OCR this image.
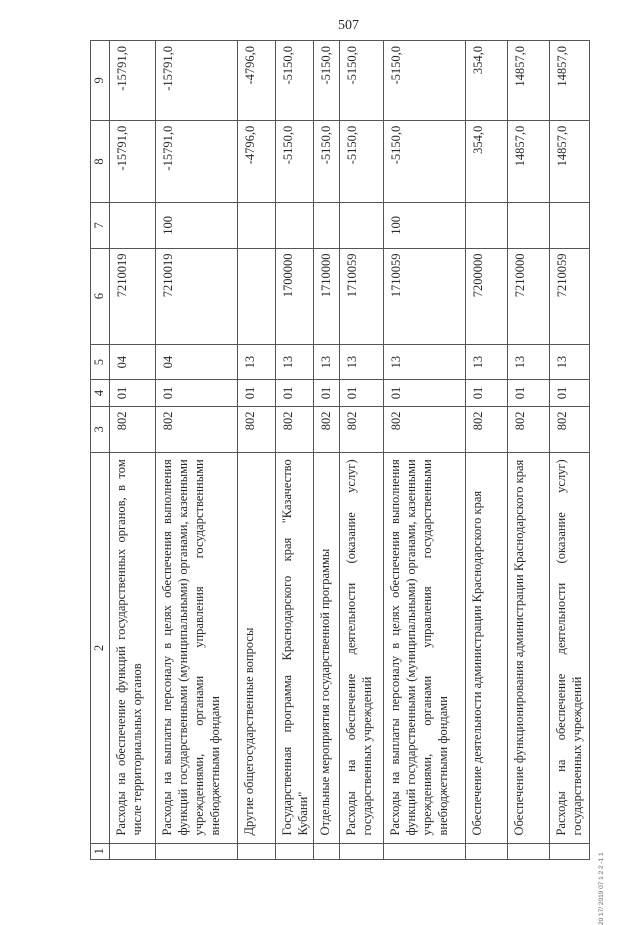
507
1	2	3	4	5	6	7	8	9
	Расходы на обеспечение функций государственных органов, в том числе территориальных органов	802	01	04	7210019		-15791,0	-15791,0
	Расходы на выплаты персоналу в целях обеспечения выполнения функций государственными (муниципальными) органами, казенными учреждениями, органами управления государственными внебюджетными фондами	802	01	04	7210019	100	-15791,0	-15791,0
	Другие общегосударственные вопросы	802	01	13			-4796,0	-4796,0
	Государственная программа Краснодарского края "Казачество Кубани"	802	01	13	1700000		-5150,0	-5150,0
	Отдельные мероприятия государственной программы	802	01	13	1710000		-5150,0	-5150,0
	Расходы на обеспечение деятельности (оказание услуг) государственных учреждений	802	01	13	1710059		-5150,0	-5150,0
	Расходы на выплаты персоналу в целях обеспечения выполнения функций государственными (муниципальными) органами, казенными учреждениями, органами управления государственными внебюджетными фондами	802	01	13	1710059	100	-5150,0	-5150,0
	Обеспечение деятельности администрации Краснодарского края	802	01	13	7200000		354,0	354,0
	Обеспечение функционирования администрации Краснодарского края	802	01	13	7210000		14857,0	14857,0
	Расходы на обеспечение деятельности (оказание услуг) государственных учреждений	802	01	13	7210059		14857,0	14857,0
20 17/ 2019 07 1 2 2 -1 1
